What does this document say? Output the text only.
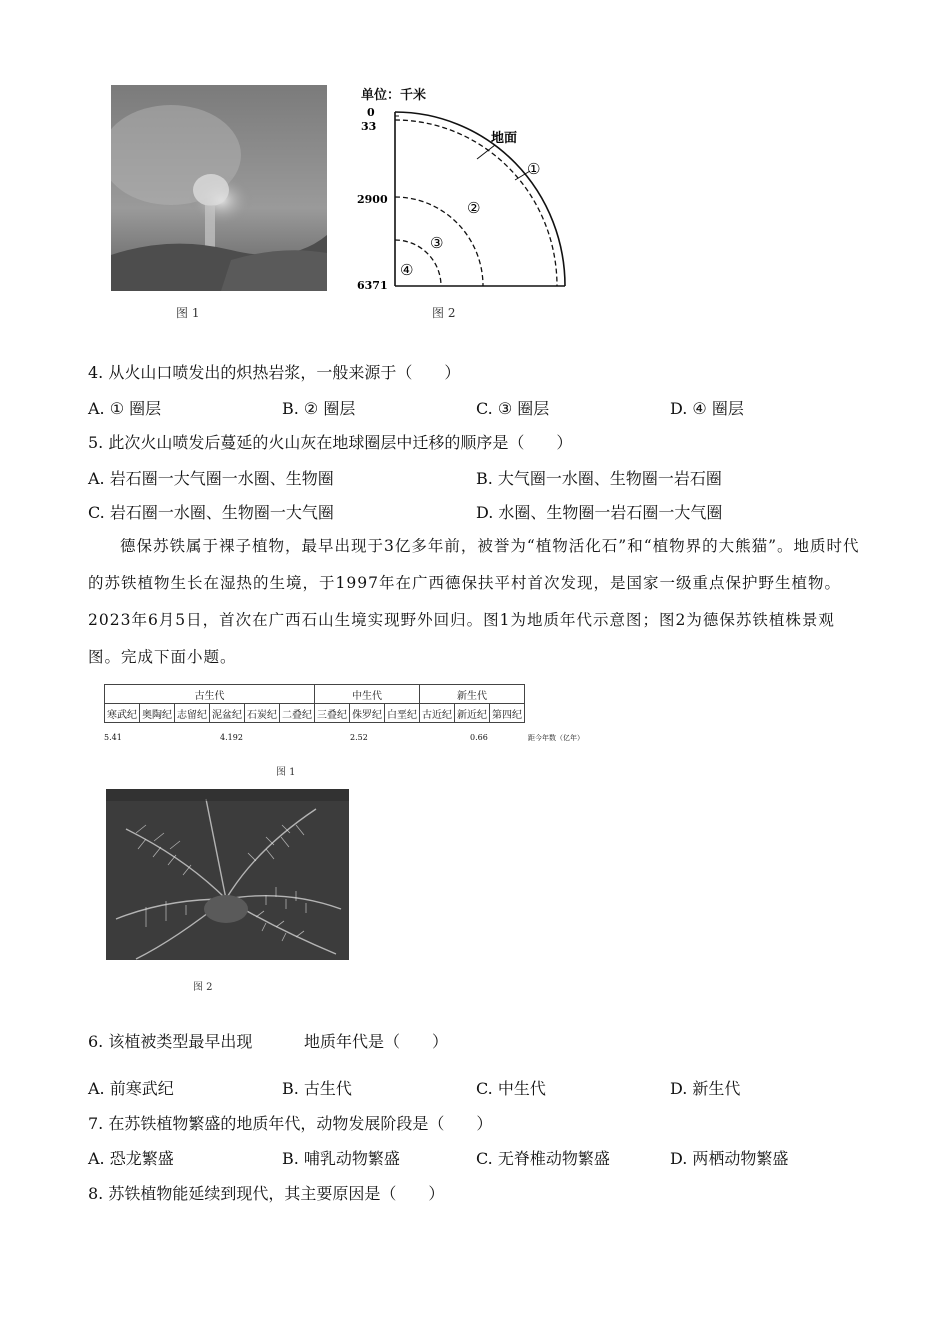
图 1
单位：千米
0
33
2900
6371
地面
①
②
③
④
图 2
4. 从火山口喷发出的炽热岩浆，一般来源于（　　）
A. ① 圈层	B. ② 圈层	C. ③ 圈层	D. ④ 圈层
5. 此次火山喷发后蔓延的火山灰在地球圈层中迁移的顺序是（　　）
A. 岩石圈一大气圈一水圈、生物圈	B. 大气圈一水圈、生物圈一岩石圈
C. 岩石圈一水圈、生物圈一大气圈	D. 水圈、生物圈一岩石圈一大气圈
德保苏铁属于裸子植物，最早出现于3亿多年前，被誉为“植物活化石”和“植物界的大熊猫”。地质时代的苏铁植物生长在湿热的生境，于1997年在广西德保扶平村首次发现，是国家一级重点保护野生植物。2023年6月5日，首次在广西石山生境实现野外回归。图1为地质年代示意图；图2为德保苏铁植株景观图。完成下面小题。
古生代						中生代			新生代		
寒武纪	奥陶纪	志留纪	泥盆纪	石炭纪	二叠纪	三叠纪	侏罗纪	白垩纪	古近纪	新近纪	第四纪
5.41	4.192	2.52	0.66	距今年数（亿年）
图 1
图 2
6. 该植被类型最早出现	地质年代是（　　）
A. 前寒武纪	B. 古生代	C. 中生代	D. 新生代
7. 在苏铁植物繁盛的地质年代，动物发展阶段是（　　）
A. 恐龙繁盛	B. 哺乳动物繁盛	C. 无脊椎动物繁盛	D. 两栖动物繁盛
8. 苏铁植物能延续到现代，其主要原因是（　　）
